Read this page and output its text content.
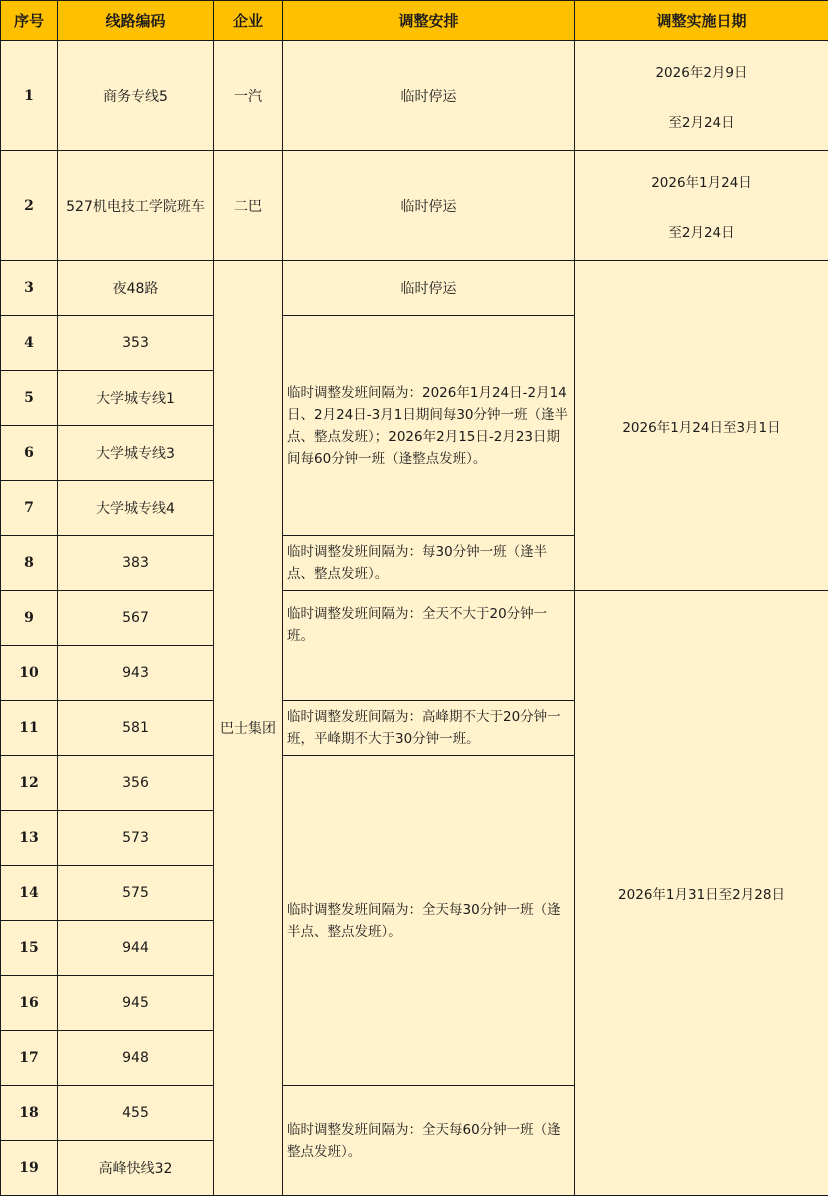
序号	线路编码	企业	调整安排	调整实施日期
1	商务专线5	一汽	临时停运	2026年2月9日
至2月24日

2	527机电技工学院班车	二巴	临时停运	2026年1月24日
至2月24日

3	夜48路	巴士集团	临时停运	2026年1月24日至3月1日
4	353		临时调整发班间隔为：2026年1月24日-2月14日、2月24日-3月1日期间每30分钟一班（逢半点、整点发班）；2026年2月15日-2月23日期间每60分钟一班（逢整点发班）。	
5	大学城专线1			
6	大学城专线3			
7	大学城专线4			
8	383		临时调整发班间隔为：每30分钟一班（逢半点、整点发班）。	
9	567		临时调整发班间隔为：全天不大于20分钟一班。	2026年1月31日至2月28日
10	943			
11	581		临时调整发班间隔为：高峰期不大于20分钟一班，平峰期不大于30分钟一班。	
12	356		临时调整发班间隔为：全天每30分钟一班（逢半点、整点发班）。	
13	573			
14	575			
15	944			
16	945			
17	948			
18	455		临时调整发班间隔为：全天每60分钟一班（逢整点发班）。	
19	高峰快线32			
